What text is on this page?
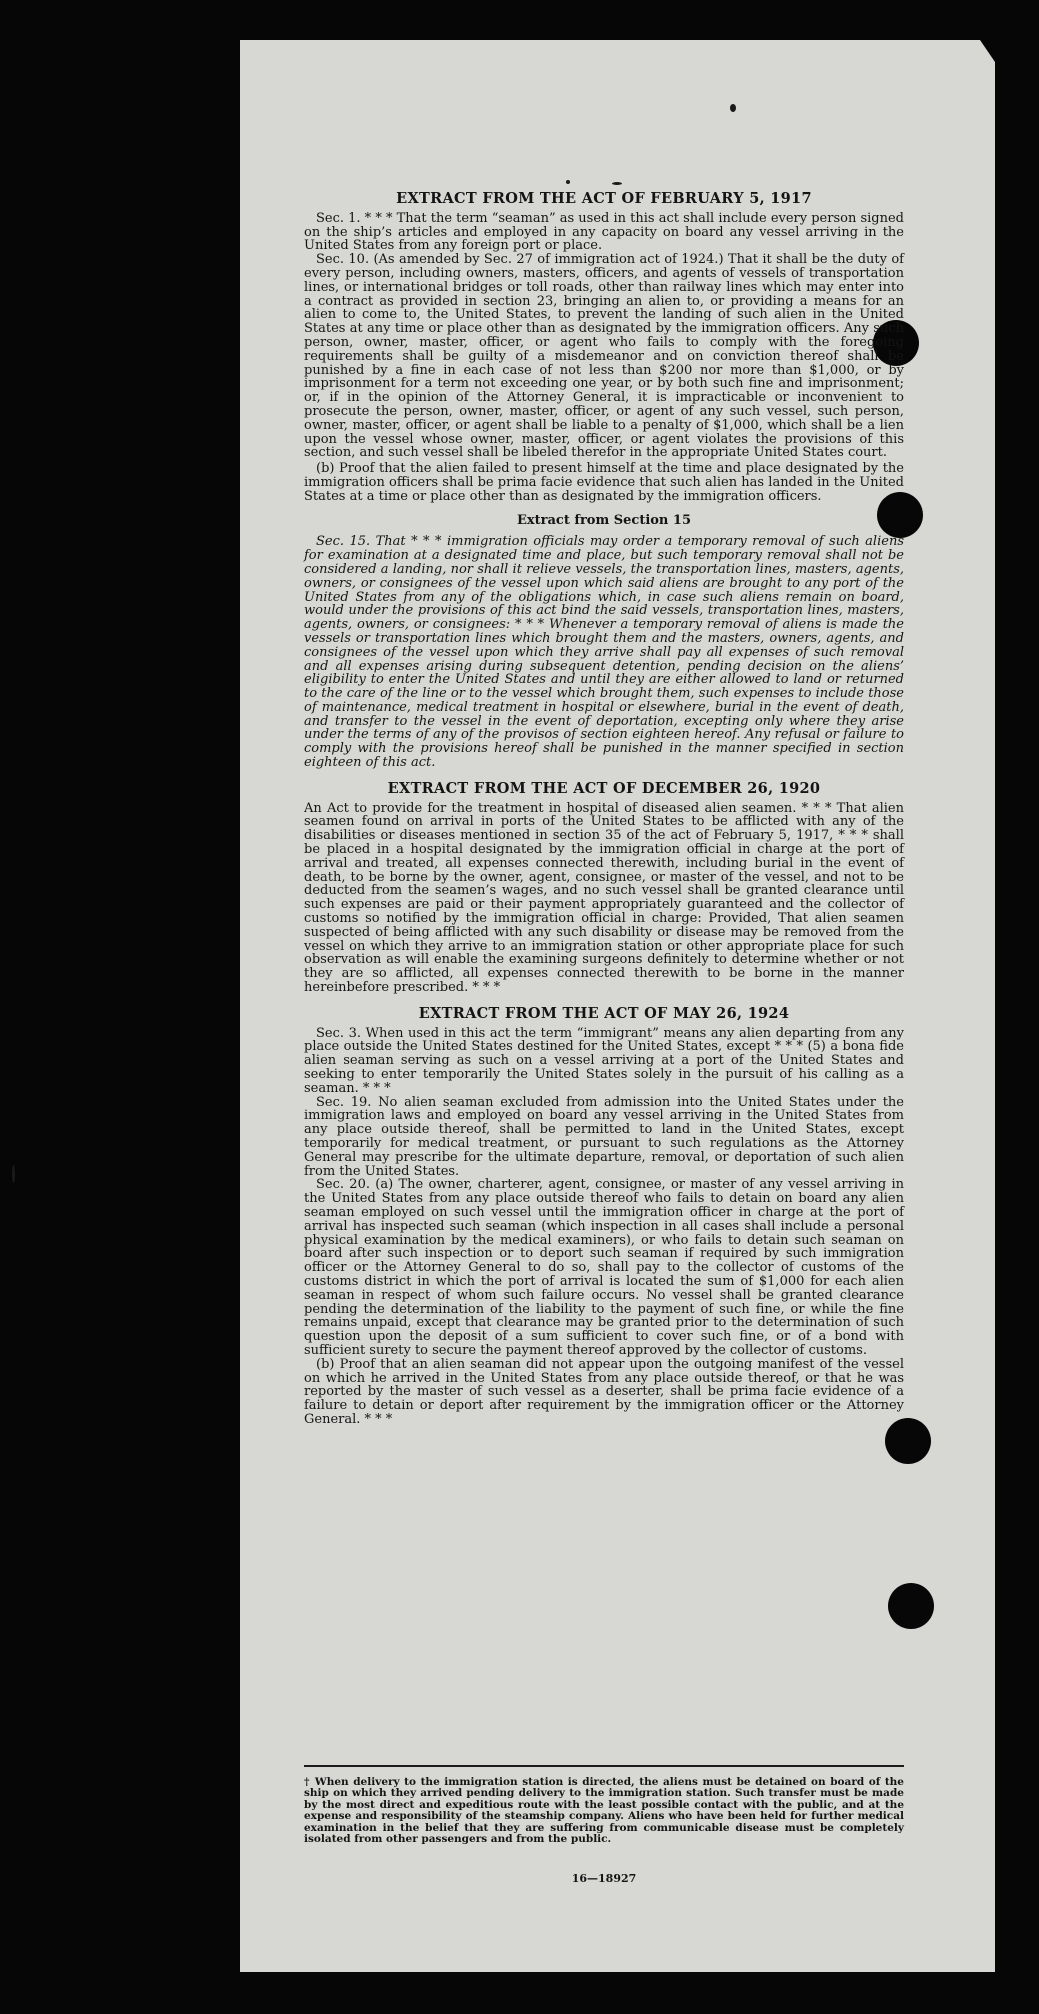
EXTRACT FROM THE ACT OF FEBRUARY 5, 1917

Sec. 1. * * * That the term “seaman” as used in this act shall include every person signed on the ship’s articles and employed in any capacity on board any vessel arriving in the United States from any foreign port or place.

Sec. 10. (As amended by Sec. 27 of immigration act of 1924.) That it shall be the duty of every person, including owners, masters, officers, and agents of vessels of transportation lines, or international bridges or toll roads, other than railway lines which may enter into a contract as provided in section 23, bringing an alien to, or providing a means for an alien to come to, the United States, to prevent the landing of such alien in the United States at any time or place other than as designated by the immigration officers. Any such person, owner, master, officer, or agent who fails to comply with the foregoing requirements shall be guilty of a misdemeanor and on conviction thereof shall be punished by a fine in each case of not less than $200 nor more than $1,000, or by imprisonment for a term not exceeding one year, or by both such fine and imprisonment; or, if in the opinion of the Attorney General, it is impracticable or inconvenient to prosecute the person, owner, master, officer, or agent of any such vessel, such person, owner, master, officer, or agent shall be liable to a penalty of $1,000, which shall be a lien upon the vessel whose owner, master, officer, or agent violates the provisions of this section, and such vessel shall be libeled therefor in the appropriate United States court.

(b) Proof that the alien failed to present himself at the time and place designated by the immigration officers shall be prima facie evidence that such alien has landed in the United States at a time or place other than as designated by the immigration officers.

Extract from Section 15

Sec. 15. That * * * immigration officials may order a temporary removal of such aliens for examination at a designated time and place, but such temporary removal shall not be considered a landing, nor shall it relieve vessels, the transportation lines, masters, agents, owners, or consignees of the vessel upon which said aliens are brought to any port of the United States from any of the obligations which, in case such aliens remain on board, would under the provisions of this act bind the said vessels, transportation lines, masters, agents, owners, or consignees: * * * Whenever a temporary removal of aliens is made the vessels or transportation lines which brought them and the masters, owners, agents, and consignees of the vessel upon which they arrive shall pay all expenses of such removal and all expenses arising during subsequent detention, pending decision on the aliens’ eligibility to enter the United States and until they are either allowed to land or returned to the care of the line or to the vessel which brought them, such expenses to include those of maintenance, medical treatment in hospital or elsewhere, burial in the event of death, and transfer to the vessel in the event of deportation, excepting only where they arise under the terms of any of the provisos of section eighteen hereof. Any refusal or failure to comply with the provisions hereof shall be punished in the manner specified in section eighteen of this act.

EXTRACT FROM THE ACT OF DECEMBER 26, 1920

An Act to provide for the treatment in hospital of diseased alien seamen. * * * That alien seamen found on arrival in ports of the United States to be afflicted with any of the disabilities or diseases mentioned in section 35 of the act of February 5, 1917, * * * shall be placed in a hospital designated by the immigration official in charge at the port of arrival and treated, all expenses connected therewith, including burial in the event of death, to be borne by the owner, agent, consignee, or master of the vessel, and not to be deducted from the seamen’s wages, and no such vessel shall be granted clearance until such expenses are paid or their payment appropriately guaranteed and the collector of customs so notified by the immigration official in charge: Provided, That alien seamen suspected of being afflicted with any such disability or disease may be removed from the vessel on which they arrive to an immigration station or other appropriate place for such observation as will enable the examining surgeons definitely to determine whether or not they are so afflicted, all expenses connected therewith to be borne in the manner hereinbefore prescribed. * * *

EXTRACT FROM THE ACT OF MAY 26, 1924

Sec. 3. When used in this act the term “immigrant” means any alien departing from any place outside the United States destined for the United States, except * * * (5) a bona fide alien seaman serving as such on a vessel arriving at a port of the United States and seeking to enter temporarily the United States solely in the pursuit of his calling as a seaman. * * *

Sec. 19. No alien seaman excluded from admission into the United States under the immigration laws and employed on board any vessel arriving in the United States from any place outside thereof, shall be permitted to land in the United States, except temporarily for medical treatment, or pursuant to such regulations as the Attorney General may prescribe for the ultimate departure, removal, or deportation of such alien from the United States.

Sec. 20. (a) The owner, charterer, agent, consignee, or master of any vessel arriving in the United States from any place outside thereof who fails to detain on board any alien seaman employed on such vessel until the immigration officer in charge at the port of arrival has inspected such seaman (which inspection in all cases shall include a personal physical examination by the medical examiners), or who fails to detain such seaman on board after such inspection or to deport such seaman if required by such immigration officer or the Attorney General to do so, shall pay to the collector of customs of the customs district in which the port of arrival is located the sum of $1,000 for each alien seaman in respect of whom such failure occurs. No vessel shall be granted clearance pending the determination of the liability to the payment of such fine, or while the fine remains unpaid, except that clearance may be granted prior to the determination of such question upon the deposit of a sum sufficient to cover such fine, or of a bond with sufficient surety to secure the payment thereof approved by the collector of customs.

(b) Proof that an alien seaman did not appear upon the outgoing manifest of the vessel on which he arrived in the United States from any place outside thereof, or that he was reported by the master of such vessel as a deserter, shall be prima facie evidence of a failure to detain or deport after requirement by the immigration officer or the Attorney General. * * *

† When delivery to the immigration station is directed, the aliens must be detained on board of the ship on which they arrived pending delivery to the immigration station. Such transfer must be made by the most direct and expeditious route with the least possible contact with the public, and at the expense and responsibility of the steamship company. Aliens who have been held for further medical examination in the belief that they are suffering from communicable disease must be completely isolated from other passengers and from the public.
16—18927
